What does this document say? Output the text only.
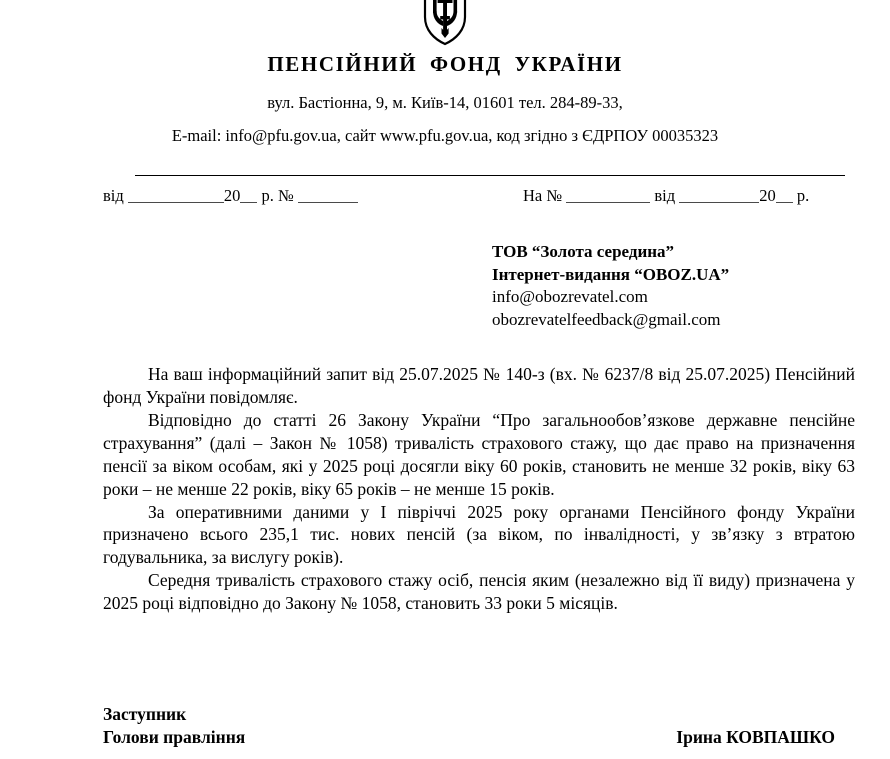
ПЕНСІЙНИЙ ФОНД УКРАЇНИ
вул. Бастіонна, 9, м. Київ-14, 01601 тел. 284-89-33,
E-mail: info@pfu.gov.ua, сайт www.pfu.gov.ua, код згідно з ЄДРПОУ 00035323
від	20 р. №	На №	від	20 р.
ТОВ “Золота середина”
Інтернет-видання “OBOZ.UA”
info@obozrevatel.com
obozrevatelfeedback@gmail.com

На ваш інформаційний запит від 25.07.2025 № 140-з (вх. № 6237/8 від 25.07.2025) Пенсійний фонд України повідомляє.

Відповідно до статті 26 Закону України “Про загальнообов’язкове державне пенсійне страхування” (далі – Закон № 1058) тривалість страхового стажу, що дає право на призначення пенсії за віком особам, які у 2025 році досягли віку 60 років, становить не менше 32 років, віку 63 роки – не менше 22 років, віку 65 років – не менше 15 років.

За оперативними даними у І півріччі 2025 року органами Пенсійного фонду України призначено всього 235,1 тис. нових пенсій (за віком, по інвалідності, у зв’язку з втратою годувальника, за вислугу років).

Середня тривалість страхового стажу осіб, пенсія яким (незалежно від її виду) призначена у 2025 році відповідно до Закону № 1058, становить 33 роки 5 місяців.

Заступник
Голови правління	Ірина КОВПАШКО
